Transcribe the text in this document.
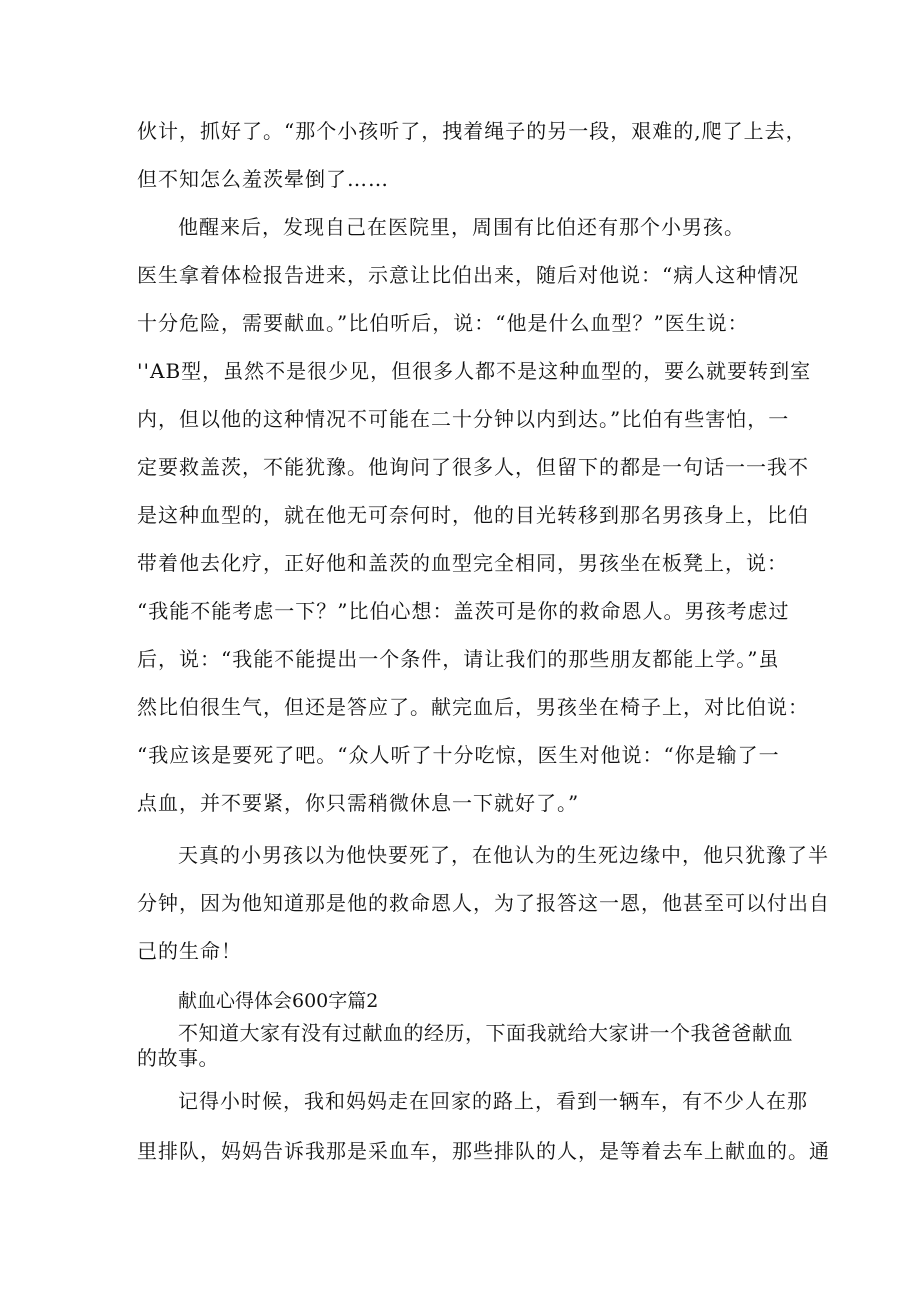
伙计，抓好了。“那个小孩听了，拽着绳子的另一段，艰难的,爬了上去，
但不知怎么羞茨晕倒了……
他醒来后，发现自己在医院里，周围有比伯还有那个小男孩。
医生拿着体检报告进来，示意让比伯出来，随后对他说：“病人这种情况
十分危险，需要献血。”比伯听后，说：“他是什么血型？”医生说：
''AB型，虽然不是很少见，但很多人都不是这种血型的，要么就要转到室
内，但以他的这种情况不可能在二十分钟以内到达。”比伯有些害怕，一
定要救盖茨，不能犹豫。他询问了很多人，但留下的都是一句话一一我不
是这种血型的，就在他无可奈何时，他的目光转移到那名男孩身上，比伯
带着他去化疗，正好他和盖茨的血型完全相同，男孩坐在板凳上，说：
“我能不能考虑一下？”比伯心想：盖茨可是你的救命恩人。男孩考虑过
后，说：“我能不能提出一个条件，请让我们的那些朋友都能上学。”虽
然比伯很生气，但还是答应了。献完血后，男孩坐在椅子上，对比伯说：
“我应该是要死了吧。“众人听了十分吃惊，医生对他说：“你是输了一
点血，并不要紧，你只需稍微休息一下就好了。”
天真的小男孩以为他快要死了，在他认为的生死边缘中，他只犹豫了半
分钟，因为他知道那是他的救命恩人，为了报答这一恩，他甚至可以付出自
己的生命！
献血心得体会600字篇2
不知道大家有没有过献血的经历，下面我就给大家讲一个我爸爸献血
的故事。
记得小时候，我和妈妈走在回家的路上，看到一辆车，有不少人在那
里排队，妈妈告诉我那是采血车，那些排队的人，是等着去车上献血的。通
